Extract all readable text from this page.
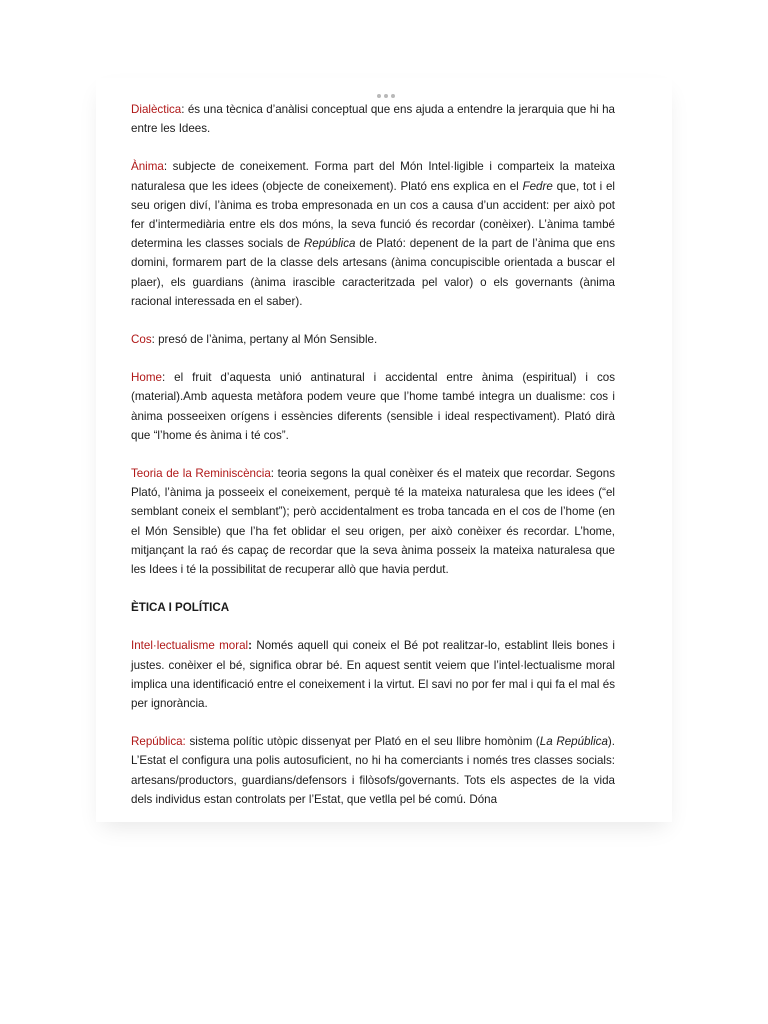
Dialèctica: és una tècnica d’anàlisi conceptual que ens ajuda a entendre la jerarquia que hi ha entre les Idees.

Ànima: subjecte de coneixement. Forma part del Món Intel·ligible i comparteix la mateixa naturalesa que les idees (objecte de coneixement). Plató ens explica en el Fedre que, tot i el seu origen diví, l’ànima es troba empresonada en un cos a causa d’un accident: per això pot fer d’intermediària entre els dos móns, la seva funció és recordar (conèixer). L’ànima també determina les classes socials de República de Plató: depenent de la part de l’ànima que ens domini, formarem part de la classe dels artesans (ànima concupiscible orientada a buscar el plaer), els guardians (ànima irascible caracteritzada pel valor) o els governants (ànima racional interessada en el saber).

Cos: presó de l’ànima, pertany al Món Sensible.

Home: el fruit d’aquesta unió antinatural i accidental entre ànima (espiritual) i cos (material).Amb aquesta metàfora podem veure que l’home també integra un dualisme: cos i ànima posseeixen orígens i essències diferents (sensible i ideal respectivament). Plató dirà que “l’home és ànima i té cos”.

Teoria de la Reminiscència: teoria segons la qual conèixer és el mateix que recordar. Segons Plató, l’ànima ja posseeix el coneixement, perquè té la mateixa naturalesa que les idees (“el semblant coneix el semblant”); però accidentalment es troba tancada en el cos de l’home (en el Món Sensible) que l’ha fet oblidar el seu origen, per això conèixer és recordar. L’home, mitjançant la raó és capaç de recordar que la seva ànima posseix la mateixa naturalesa que les Idees i té la possibilitat de recuperar allò que havia perdut.

ÈTICA I POLÍTICA

Intel·lectualisme moral: Només aquell qui coneix el Bé pot realitzar-lo, establint lleis bones i justes. conèixer el bé, significa obrar bé. En aquest sentit veiem que l’intel·lectualisme moral implica una identificació entre el coneixement i la virtut. El savi no por fer mal i qui fa el mal és per ignorància.

República: sistema polític utòpic dissenyat per Plató en el seu llibre homònim (La República). L’Estat el configura una polis autosuficient, no hi ha comerciants i només tres classes socials: artesans/productors, guardians/defensors i filòsofs/governants. Tots els aspectes de la vida dels individus estan controlats per l’Estat, que vetlla pel bé comú. Dóna
